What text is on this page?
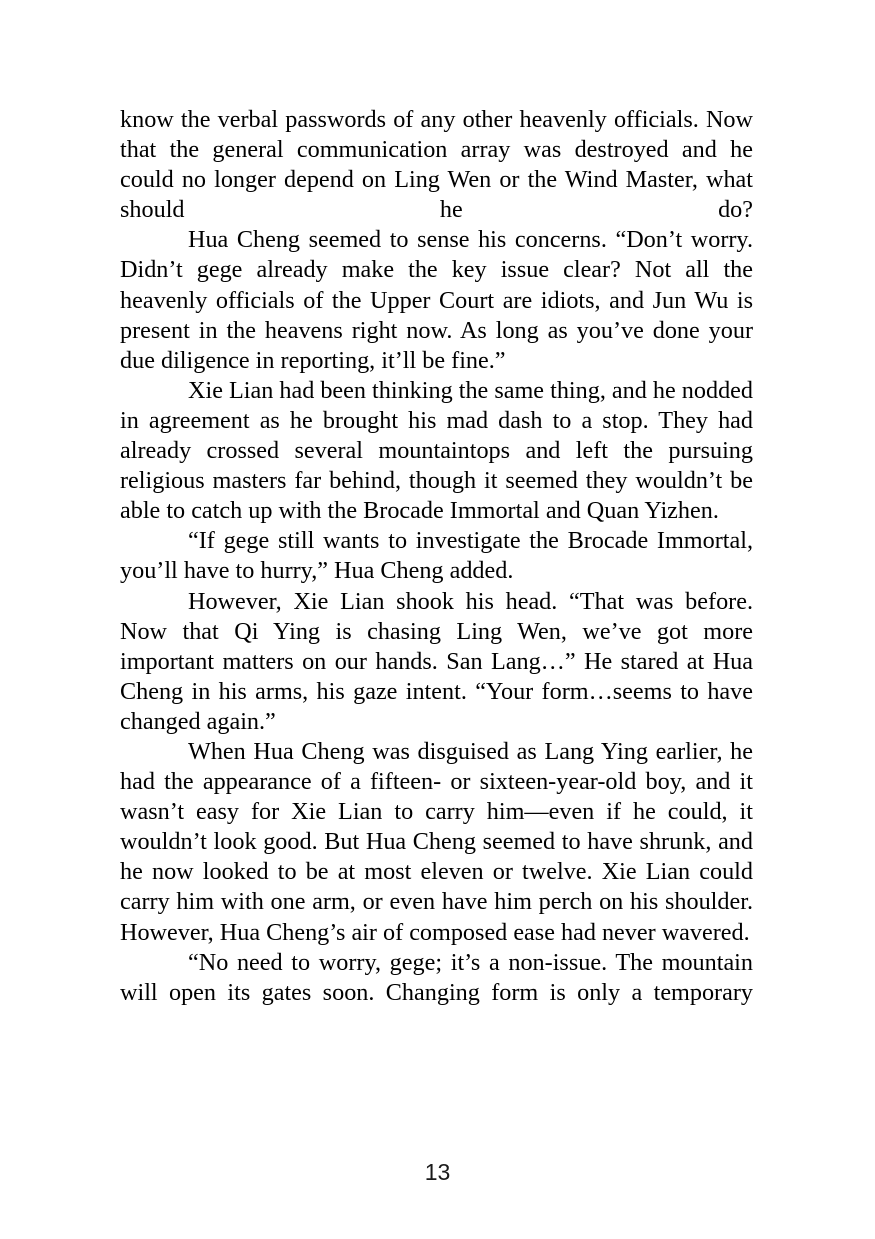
know the verbal passwords of any other heavenly officials. Now that the general communication array was destroyed and he could no longer depend on Ling Wen or the Wind Master, what should he do?

Hua Cheng seemed to sense his concerns. “Don’t worry. Didn’t gege already make the key issue clear? Not all the heavenly officials of the Upper Court are idiots, and Jun Wu is present in the heavens right now. As long as you’ve done your due diligence in reporting, it’ll be fine.”

Xie Lian had been thinking the same thing, and he nodded in agreement as he brought his mad dash to a stop. They had already crossed several mountaintops and left the pursuing religious masters far behind, though it seemed they wouldn’t be able to catch up with the Brocade Immortal and Quan Yizhen.

“If gege still wants to investigate the Brocade Immortal, you’ll have to hurry,” Hua Cheng added.

However, Xie Lian shook his head. “That was before. Now that Qi Ying is chasing Ling Wen, we’ve got more important matters on our hands. San Lang…” He stared at Hua Cheng in his arms, his gaze intent. “Your form…seems to have changed again.”

When Hua Cheng was disguised as Lang Ying earlier, he had the appearance of a fifteen- or sixteen-year-old boy, and it wasn’t easy for Xie Lian to carry him—even if he could, it wouldn’t look good. But Hua Cheng seemed to have shrunk, and he now looked to be at most eleven or twelve. Xie Lian could carry him with one arm, or even have him perch on his shoulder. However, Hua Cheng’s air of composed ease had never wavered.

“No need to worry, gege; it’s a non-issue. The mountain will open its gates soon. Changing form is only a temporary

13
